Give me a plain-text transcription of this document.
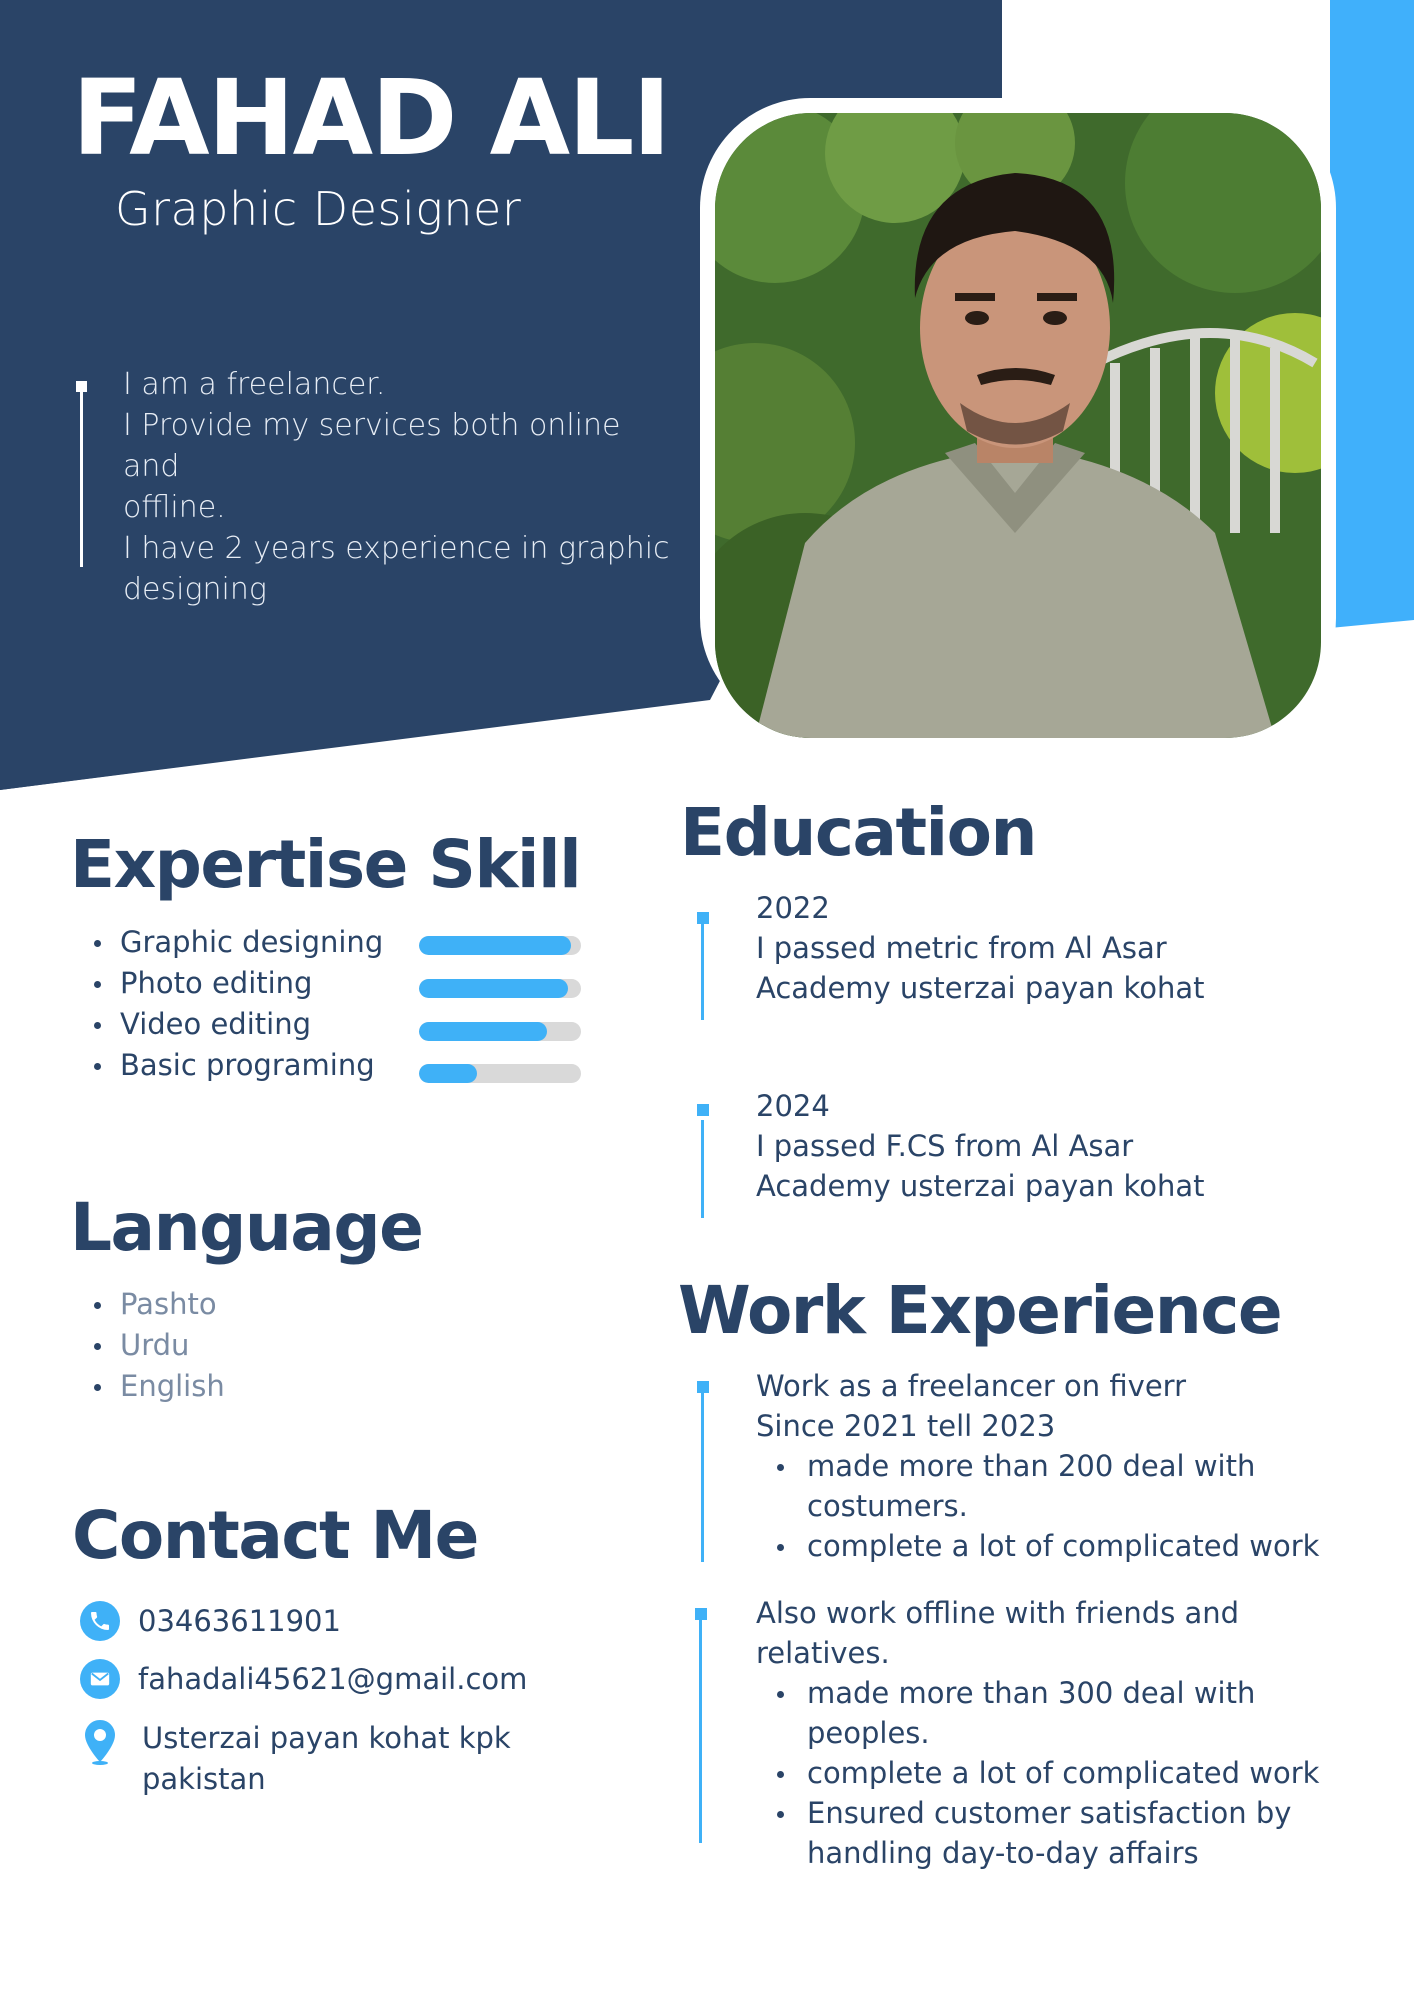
FAHAD ALI
Graphic Designer
I am a freelancer.
I Provide my services both online and
offline.
I have 2 years experience in graphic
designing
Expertise Skill
Graphic designing
Photo editing
Video editing
Basic programing
Language
Pashto
Urdu
English
Contact Me
03463611901
fahadali45621@gmail.com
Usterzai payan kohat kpk
pakistan
Education
2022
I passed metric from Al Asar
Academy usterzai payan kohat
2024
I passed F.CS from Al Asar
Academy usterzai payan kohat
Work Experience
Work as a freelancer on fiverr
Since 2021 tell 2023
made more than 200 deal with
costumers.
complete a lot of complicated work
Also work offline with friends and
relatives.
made more than 300 deal with
peoples.
complete a lot of complicated work
Ensured customer satisfaction by
handling day-to-day affairs
